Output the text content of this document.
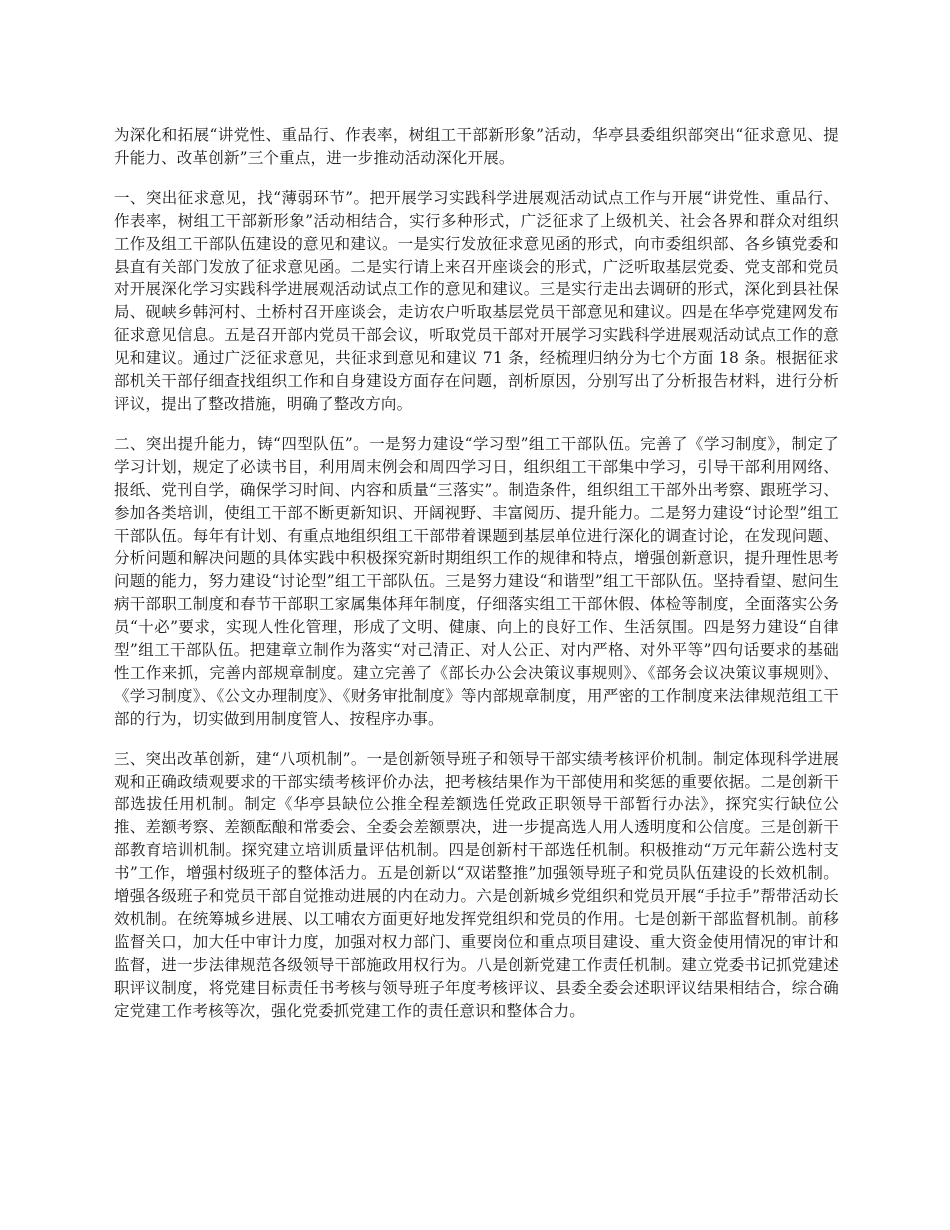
为深化和拓展“讲党性、重品行、作表率，树组工干部新形象”活动，华亭县委组织部突出“征求意见、提升能力、改革创新”三个重点，进一步推动活动深化开展。

一、突出征求意见，找“薄弱环节”。把开展学习实践科学进展观活动试点工作与开展“讲党性、重品行、作表率，树组工干部新形象”活动相结合，实行多种形式，广泛征求了上级机关、社会各界和群众对组织工作及组工干部队伍建设的意见和建议。一是实行发放征求意见函的形式，向市委组织部、各乡镇党委和县直有关部门发放了征求意见函。二是实行请上来召开座谈会的形式，广泛听取基层党委、党支部和党员对开展深化学习实践科学进展观活动试点工作的意见和建议。三是实行走出去调研的形式，深化到县社保局、砚峡乡韩河村、土桥村召开座谈会，走访农户听取基层党员干部意见和建议。四是在华亭党建网发布征求意见信息。五是召开部内党员干部会议，听取党员干部对开展学习实践科学进展观活动试点工作的意见和建议。通过广泛征求意见，共征求到意见和建议 71 条，经梳理归纳分为七个方面 18 条。根据征求部机关干部仔细查找组织工作和自身建设方面存在问题，剖析原因，分别写出了分析报告材料，进行分析评议，提出了整改措施，明确了整改方向。

二、突出提升能力，铸“四型队伍”。一是努力建设“学习型”组工干部队伍。完善了《学习制度》，制定了学习计划，规定了必读书目，利用周末例会和周四学习日，组织组工干部集中学习，引导干部利用网络、报纸、党刊自学，确保学习时间、内容和质量“三落实”。制造条件，组织组工干部外出考察、跟班学习、参加各类培训，使组工干部不断更新知识、开阔视野、丰富阅历、提升能力。二是努力建设“讨论型”组工干部队伍。每年有计划、有重点地组织组工干部带着课题到基层单位进行深化的调查讨论，在发现问题、分析问题和解决问题的具体实践中积极探究新时期组织工作的规律和特点，增强创新意识，提升理性思考问题的能力，努力建设“讨论型”组工干部队伍。三是努力建设“和谐型”组工干部队伍。坚持看望、慰问生病干部职工制度和春节干部职工家属集体拜年制度，仔细落实组工干部休假、体检等制度，全面落实公务员“十必”要求，实现人性化管理，形成了文明、健康、向上的良好工作、生活氛围。四是努力建设“自律型”组工干部队伍。把建章立制作为落实“对己清正、对人公正、对内严格、对外平等”四句话要求的基础性工作来抓，完善内部规章制度。建立完善了《部长办公会决策议事规则》、《部务会议决策议事规则》、《学习制度》、《公文办理制度》、《财务审批制度》等内部规章制度，用严密的工作制度来法律规范组工干部的行为，切实做到用制度管人、按程序办事。

三、突出改革创新，建“八项机制”。一是创新领导班子和领导干部实绩考核评价机制。制定体现科学进展观和正确政绩观要求的干部实绩考核评价办法，把考核结果作为干部使用和奖惩的重要依据。二是创新干部选拔任用机制。制定《华亭县缺位公推全程差额选任党政正职领导干部暂行办法》，探究实行缺位公推、差额考察、差额酝酿和常委会、全委会差额票决，进一步提高选人用人透明度和公信度。三是创新干部教育培训机制。探究建立培训质量评估机制。四是创新村干部选任机制。积极推动“万元年薪公选村支书”工作，增强村级班子的整体活力。五是创新以“双诺整推”加强领导班子和党员队伍建设的长效机制。增强各级班子和党员干部自觉推动进展的内在动力。六是创新城乡党组织和党员开展“手拉手”帮带活动长效机制。在统筹城乡进展、以工哺农方面更好地发挥党组织和党员的作用。七是创新干部监督机制。前移监督关口，加大任中审计力度，加强对权力部门、重要岗位和重点项目建设、重大资金使用情况的审计和监督，进一步法律规范各级领导干部施政用权行为。八是创新党建工作责任机制。建立党委书记抓党建述职评议制度，将党建目标责任书考核与领导班子年度考核评议、县委全委会述职评议结果相结合，综合确定党建工作考核等次，强化党委抓党建工作的责任意识和整体合力。
